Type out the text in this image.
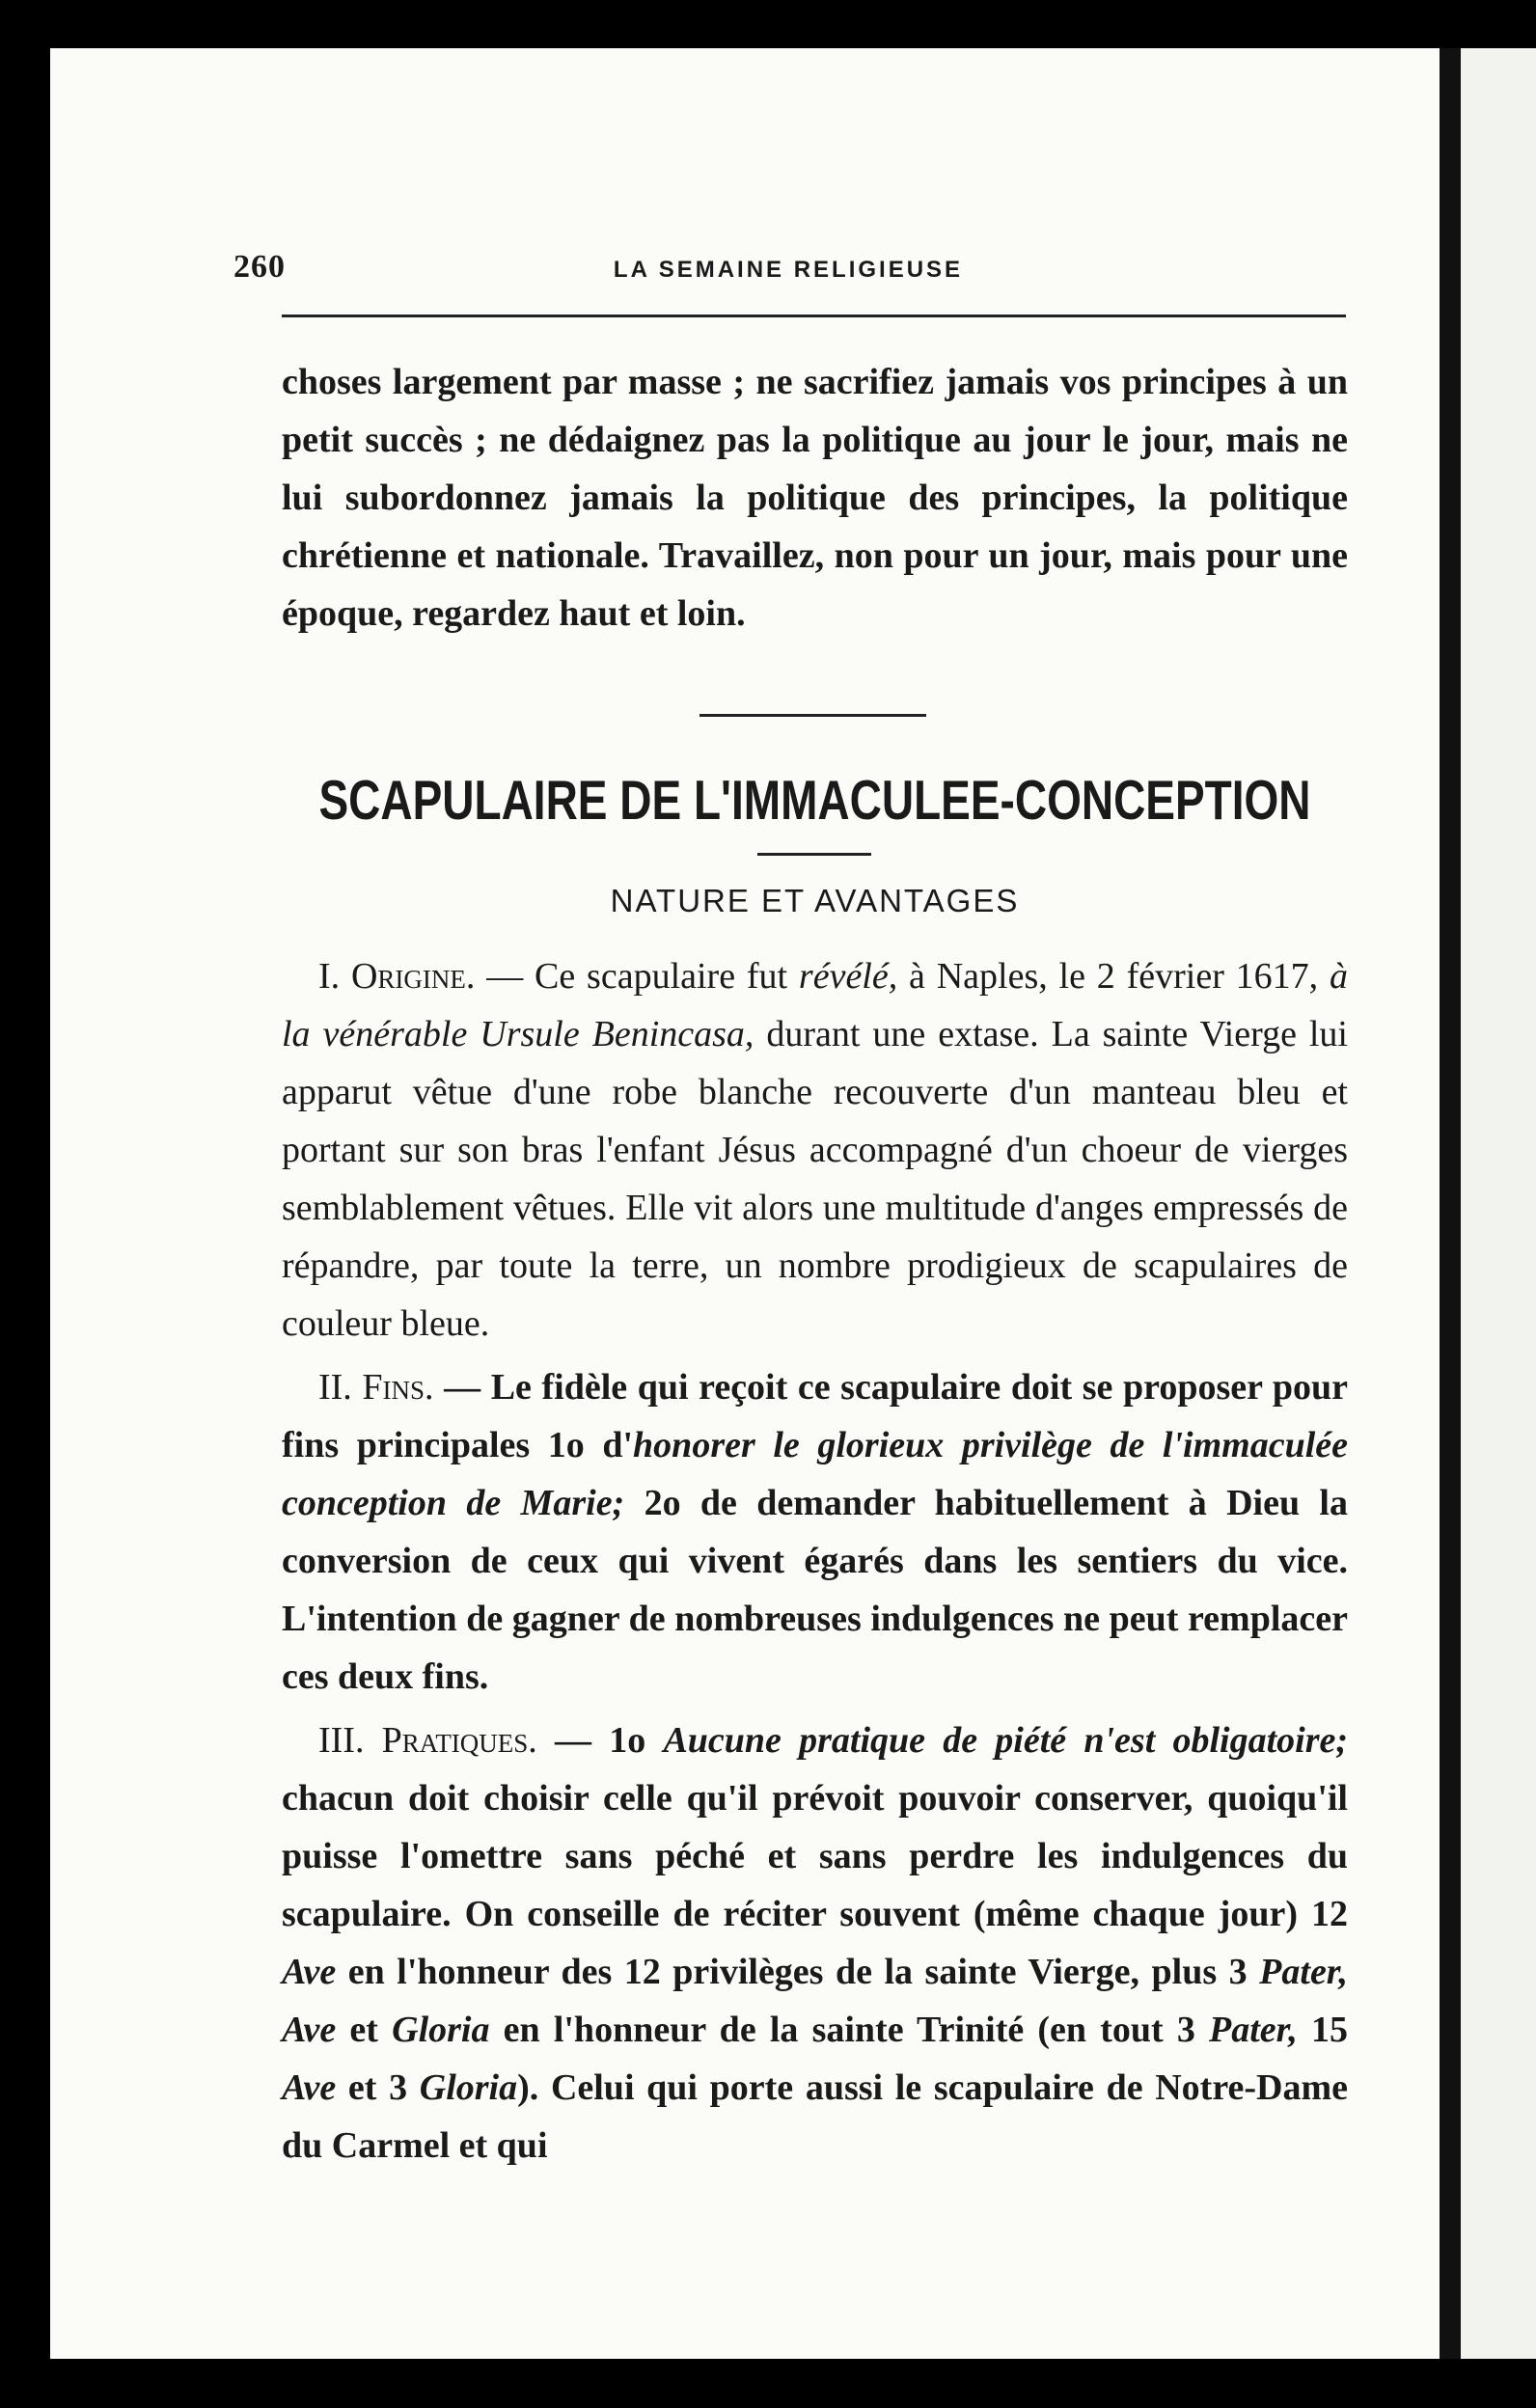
260	LA SEMAINE RELIGIEUSE

choses largement par masse ; ne sacrifiez jamais vos principes à un petit succès ; ne dédaignez pas la politique au jour le jour, mais ne lui subordonnez jamais la politique des principes, la politique chrétienne et nationale. Travaillez, non pour un jour, mais pour une époque, regardez haut et loin.

SCAPULAIRE DE L'IMMACULEE-CONCEPTION
NATURE ET AVANTAGES

I. Origine. — Ce scapulaire fut révélé, à Naples, le 2 février 1617, à la vénérable Ursule Benincasa, durant une extase. La sainte Vierge lui apparut vêtue d'une robe blanche recouverte d'un manteau bleu et portant sur son bras l'enfant Jésus accompagné d'un choeur de vierges semblablement vêtues. Elle vit alors une multitude d'anges empressés de répandre, par toute la terre, un nombre prodigieux de scapulaires de couleur bleue.

II. Fins. — Le fidèle qui reçoit ce scapulaire doit se proposer pour fins principales 1o d'honorer le glorieux privilège de l'immaculée conception de Marie; 2o de demander habituellement à Dieu la conversion de ceux qui vivent égarés dans les sentiers du vice. L'intention de gagner de nombreuses indulgences ne peut remplacer ces deux fins.

III. Pratiques. — 1o Aucune pratique de piété n'est obligatoire; chacun doit choisir celle qu'il prévoit pouvoir conserver, quoiqu'il puisse l'omettre sans péché et sans perdre les indulgences du scapulaire. On conseille de réciter souvent (même chaque jour) 12 Ave en l'honneur des 12 privilèges de la sainte Vierge, plus 3 Pater, Ave et Gloria en l'honneur de la sainte Trinité (en tout 3 Pater, 15 Ave et 3 Gloria). Celui qui porte aussi le scapulaire de Notre-Dame du Carmel et qui
